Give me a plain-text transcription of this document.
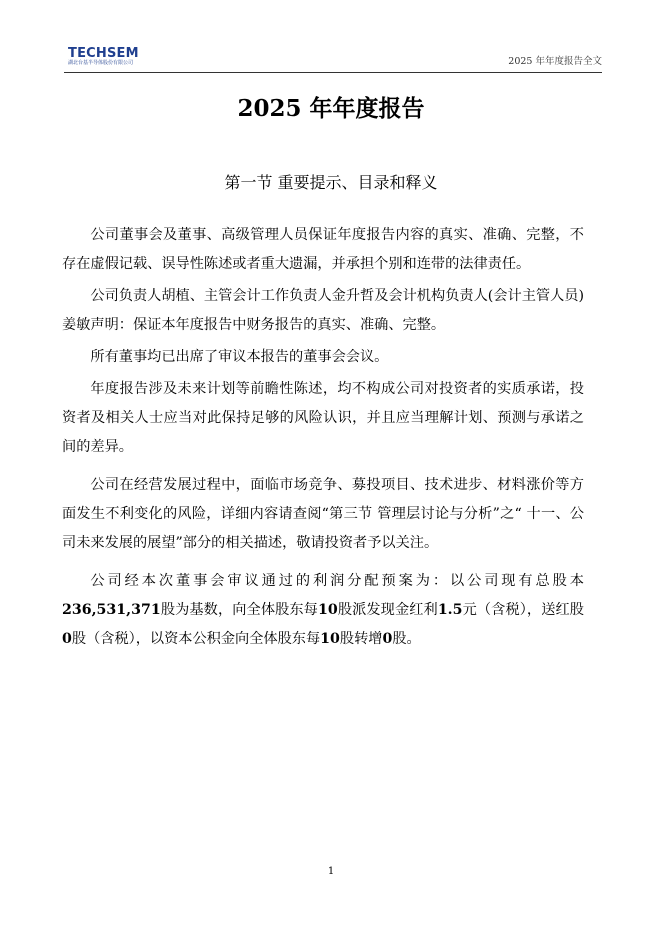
TECHSEM
湖北台基半导体股份有限公司	2025 年年度报告全文
2025 年年度报告
第一节 重要提示、目录和释义

公司董事会及董事、高级管理人员保证年度报告内容的真实、准确、完整，不存在虚假记载、误导性陈述或者重大遗漏，并承担个别和连带的法律责任。

公司负责人胡植、主管会计工作负责人金升哲及会计机构负责人(会计主管人员)姜敏声明：保证本年度报告中财务报告的真实、准确、完整。

所有董事均已出席了审议本报告的董事会会议。

年度报告涉及未来计划等前瞻性陈述，均不构成公司对投资者的实质承诺，投资者及相关人士应当对此保持足够的风险认识，并且应当理解计划、预测与承诺之间的差异。

公司在经营发展过程中，面临市场竞争、募投项目、技术进步、材料涨价等方面发生不利变化的风险，详细内容请查阅“第三节 管理层讨论与分析”之“ 十一、公司未来发展的展望”部分的相关描述，敬请投资者予以关注。

公司经本次董事会审议通过的利润分配预案为：以公司现有总股本236,531,371股为基数，向全体股东每10股派发现金红利1.5元（含税），送红股0股（含税），以资本公积金向全体股东每10股转增0股。

1
